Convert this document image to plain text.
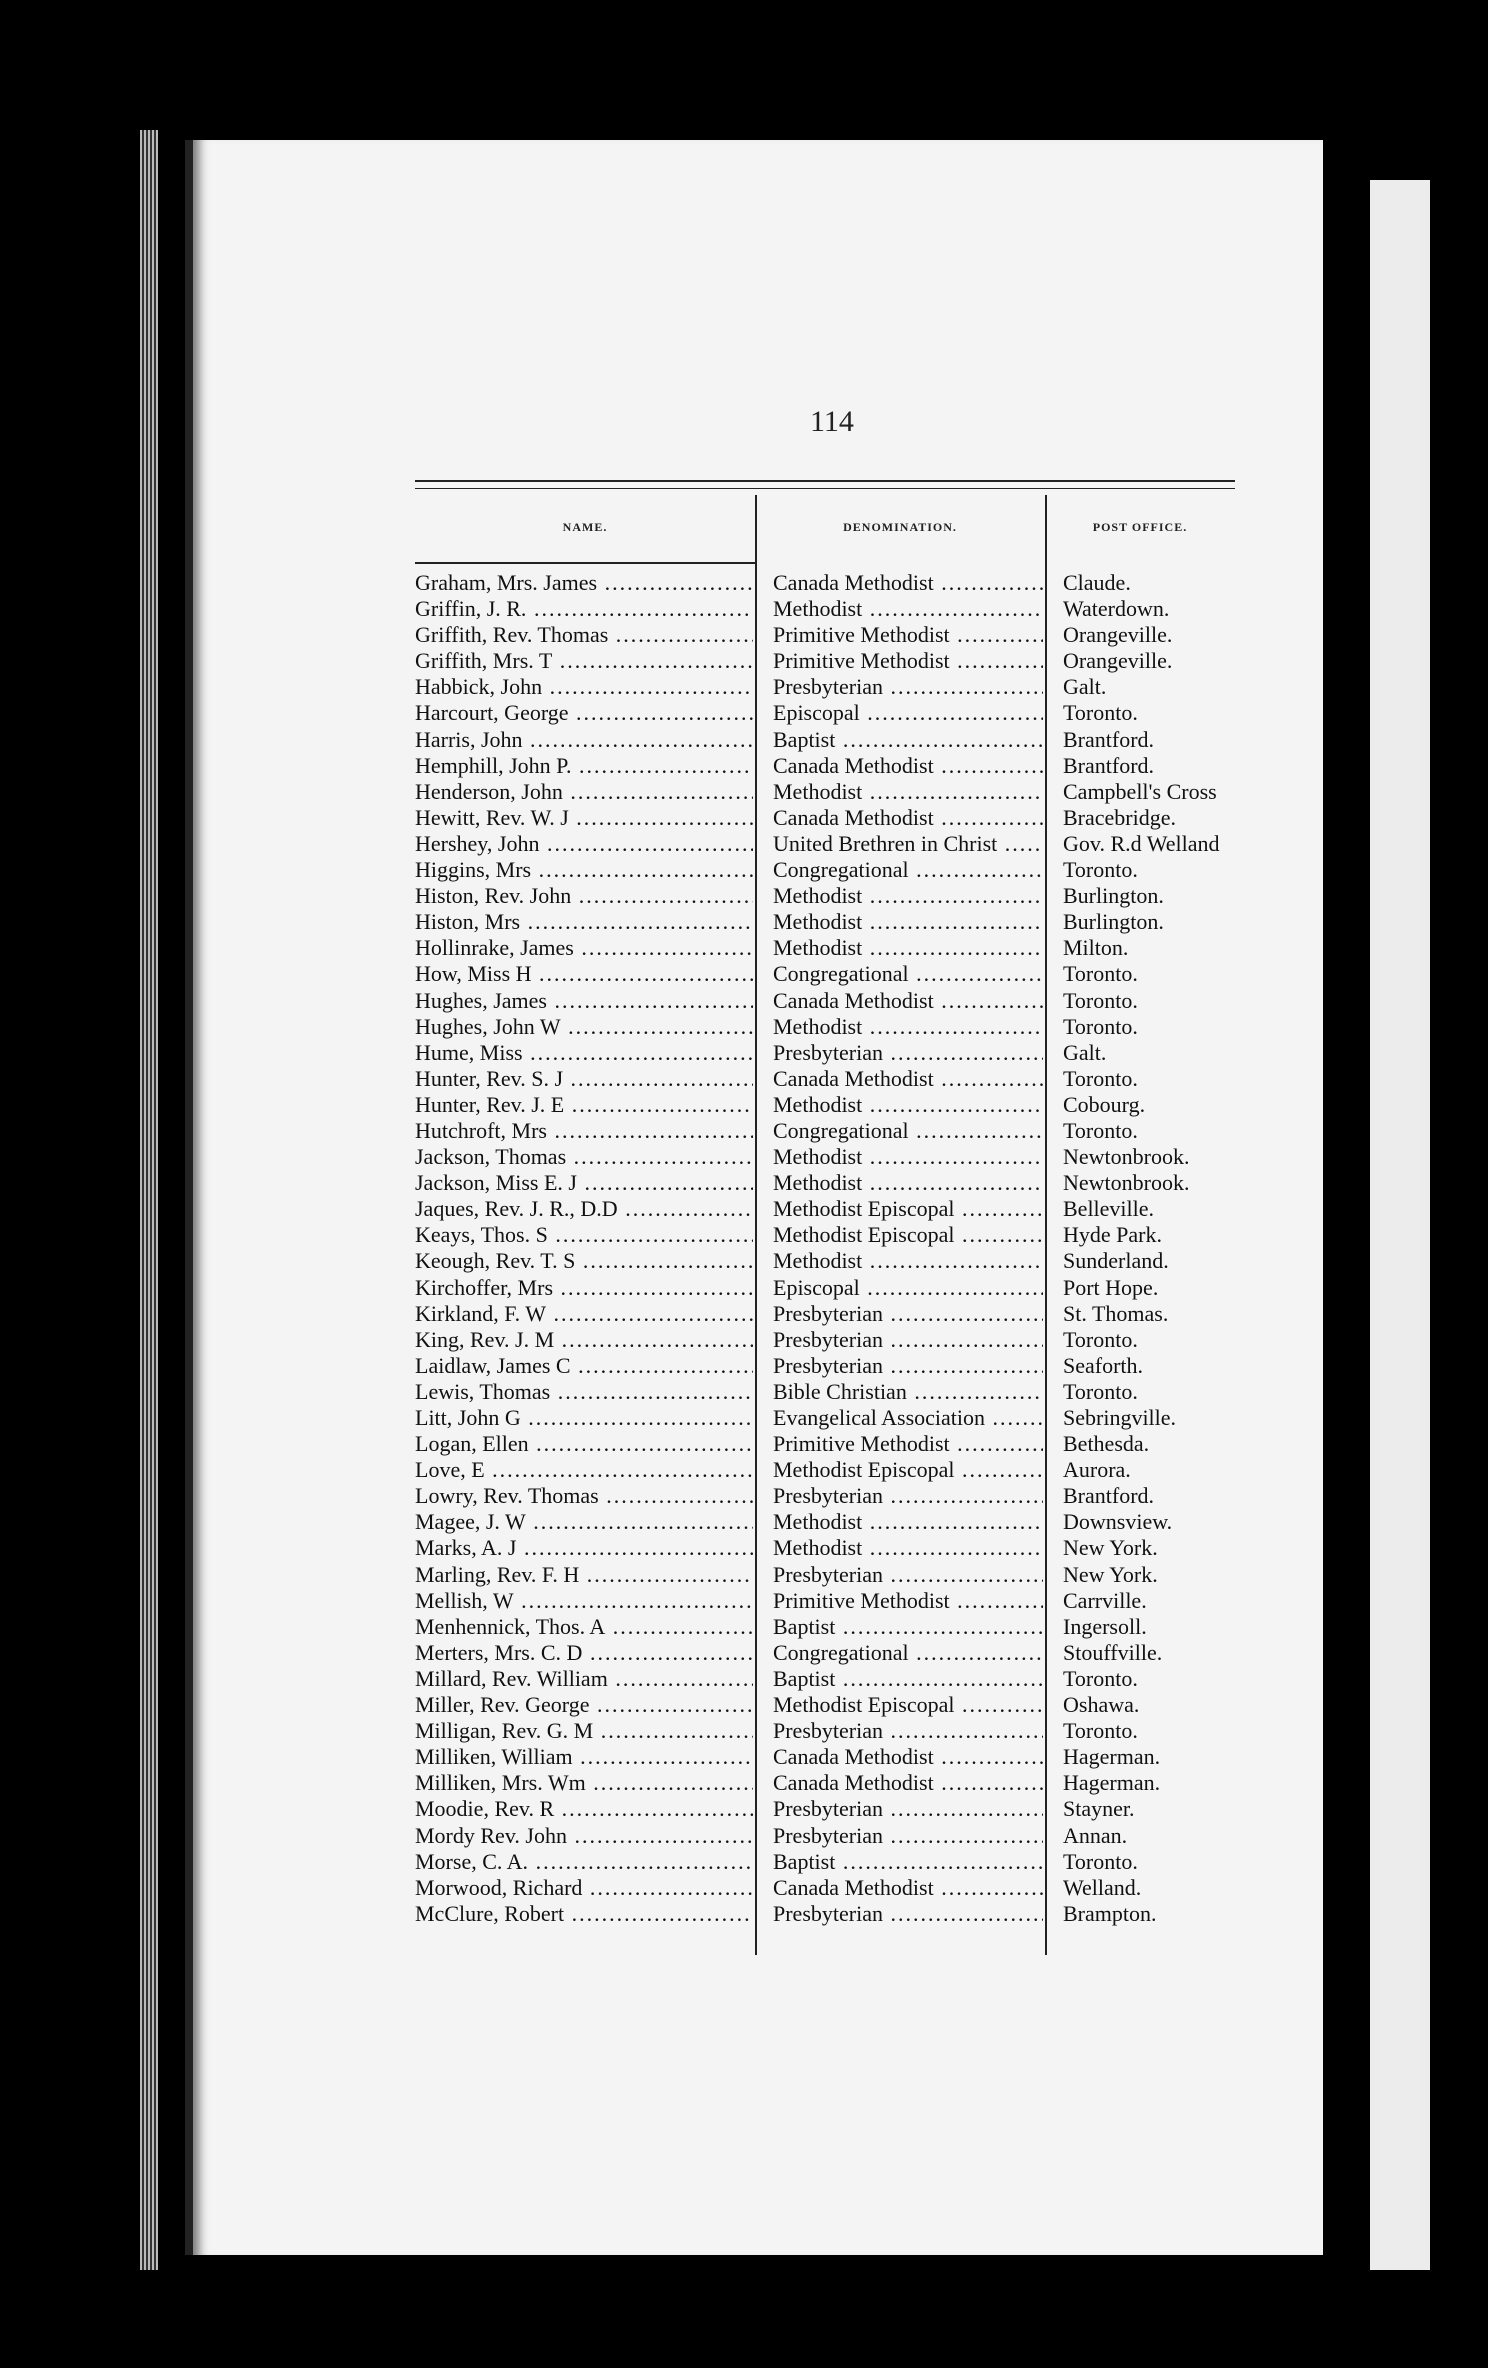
114
NAME.	DENOMINATION.	POST OFFICE.
Graham, Mrs. James .....	Canada Methodist .....	Claude.
Griffin, J. R. .....	Methodist .....	Waterdown.
Griffith, Rev. Thomas .....	Primitive Methodist .....	Orangeville.
Griffith, Mrs. T .....	Primitive Methodist .....	Orangeville.
Habbick, John .....	Presbyterian .....	Galt.
Harcourt, George .....	Episcopal .....	Toronto.
Harris, John .....	Baptist .....	Brantford.
Hemphill, John P. .....	Canada Methodist .....	Brantford.
Henderson, John .....	Methodist .....	Campbell's Cross
Hewitt, Rev. W. J .....	Canada Methodist .....	Bracebridge.
Hershey, John .....	United Brethren in Christ .....	Gov. R.d Welland
Higgins, Mrs .....	Congregational .....	Toronto.
Histon, Rev. John .....	Methodist .....	Burlington.
Histon, Mrs .....	Methodist .....	Burlington.
Hollinrake, James .....	Methodist .....	Milton.
How, Miss H .....	Congregational .....	Toronto.
Hughes, James .....	Canada Methodist .....	Toronto.
Hughes, John W .....	Methodist .....	Toronto.
Hume, Miss .....	Presbyterian .....	Galt.
Hunter, Rev. S. J .....	Canada Methodist .....	Toronto.
Hunter, Rev. J. E .....	Methodist .....	Cobourg.
Hutchroft, Mrs .....	Congregational .....	Toronto.
Jackson, Thomas .....	Methodist .....	Newtonbrook.
Jackson, Miss E. J .....	Methodist .....	Newtonbrook.
Jaques, Rev. J. R., D.D .....	Methodist Episcopal .....	Belleville.
Keays, Thos. S .....	Methodist Episcopal .....	Hyde Park.
Keough, Rev. T. S .....	Methodist .....	Sunderland.
Kirchoffer, Mrs .....	Episcopal .....	Port Hope.
Kirkland, F. W .....	Presbyterian .....	St. Thomas.
King, Rev. J. M .....	Presbyterian .....	Toronto.
Laidlaw, James C .....	Presbyterian .....	Seaforth.
Lewis, Thomas .....	Bible Christian .....	Toronto.
Litt, John G .....	Evangelical Association .....	Sebringville.
Logan, Ellen .....	Primitive Methodist .....	Bethesda.
Love, E .....	Methodist Episcopal .....	Aurora.
Lowry, Rev. Thomas .....	Presbyterian .....	Brantford.
Magee, J. W .....	Methodist .....	Downsview.
Marks, A. J .....	Methodist .....	New York.
Marling, Rev. F. H .....	Presbyterian .....	New York.
Mellish, W .....	Primitive Methodist .....	Carrville.
Menhennick, Thos. A .....	Baptist .....	Ingersoll.
Merters, Mrs. C. D .....	Congregational .....	Stouffville.
Millard, Rev. William .....	Baptist .....	Toronto.
Miller, Rev. George .....	Methodist Episcopal .....	Oshawa.
Milligan, Rev. G. M .....	Presbyterian .....	Toronto.
Milliken, William .....	Canada Methodist .....	Hagerman.
Milliken, Mrs. Wm .....	Canada Methodist .....	Hagerman.
Moodie, Rev. R .....	Presbyterian .....	Stayner.
Mordy Rev. John .....	Presbyterian .....	Annan.
Morse, C. A. .....	Baptist .....	Toronto.
Morwood, Richard .....	Canada Methodist .....	Welland.
McClure, Robert .....	Presbyterian .....	Brampton.
